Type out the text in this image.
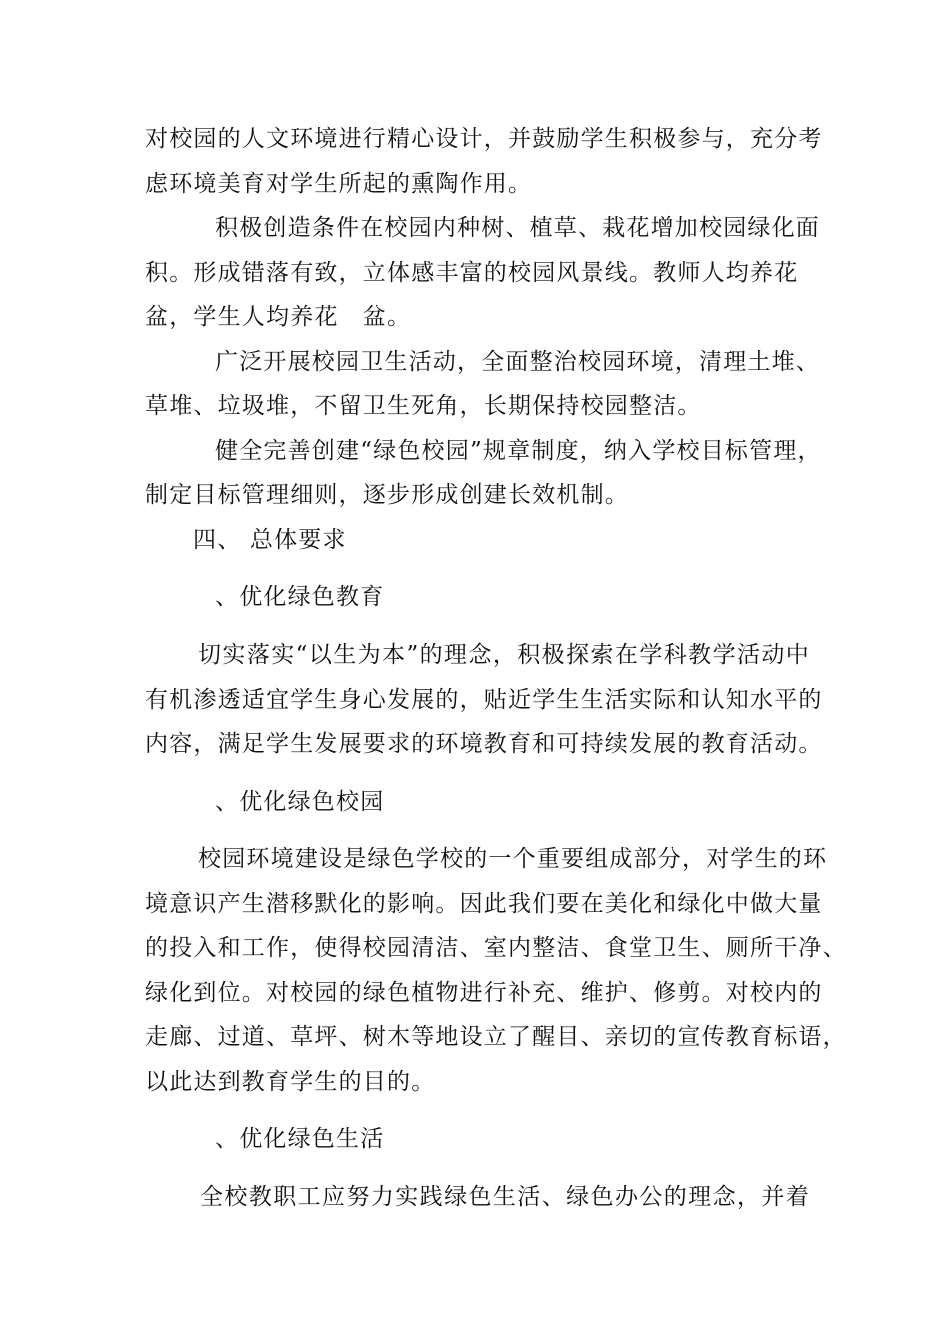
对校园的人文环境进行精心设计，并鼓励学生积极参与，充分考
虑环境美育对学生所起的熏陶作用。
积极创造条件在校园内种树、植草、栽花增加校园绿化面
积。形成错落有致，立体感丰富的校园风景线。教师人均养花
盆，学生人均养花　盆。
广泛开展校园卫生活动，全面整治校园环境，清理土堆、
草堆、垃圾堆，不留卫生死角，长期保持校园整洁。
健全完善创建“绿色校园”规章制度，纳入学校目标管理，
制定目标管理细则，逐步形成创建长效机制。
四、 总体要求
、优化绿色教育
切实落实“以生为本”的理念，积极探索在学科教学活动中
有机渗透适宜学生身心发展的，贴近学生生活实际和认知水平的
内容，满足学生发展要求的环境教育和可持续发展的教育活动。
、优化绿色校园
校园环境建设是绿色学校的一个重要组成部分，对学生的环
境意识产生潜移默化的影响。因此我们要在美化和绿化中做大量
的投入和工作，使得校园清洁、室内整洁、食堂卫生、厕所干净、
绿化到位。对校园的绿色植物进行补充、维护、修剪。对校内的
走廊、过道、草坪、树木等地设立了醒目、亲切的宣传教育标语，
以此达到教育学生的目的。
、优化绿色生活
全校教职工应努力实践绿色生活、绿色办公的理念，并着
